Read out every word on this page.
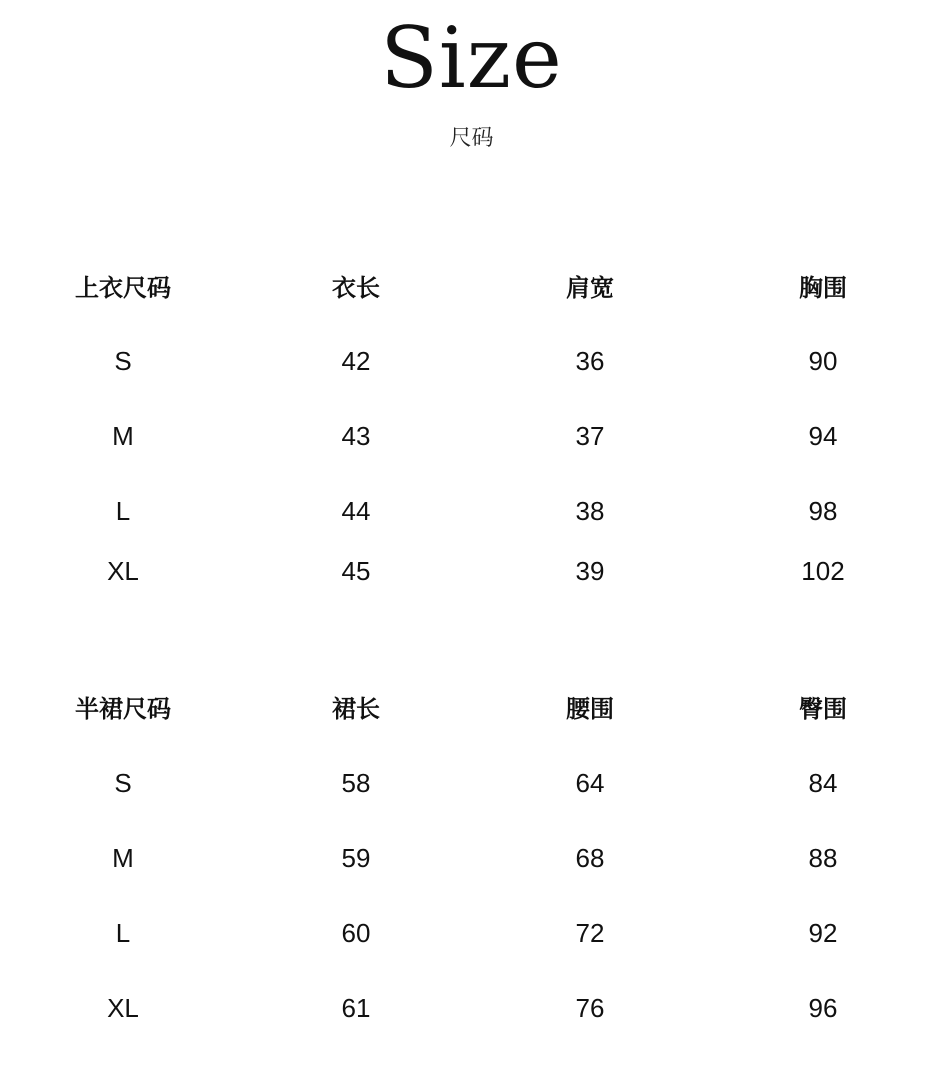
Size
尺码
上衣尺码	衣长	肩宽	胸围
S	42	36	90
M	43	37	94
L	44	38	98
XL	45	39	102
半裙尺码	裙长	腰围	臀围
S	58	64	84
M	59	68	88
L	60	72	92
XL	61	76	96
